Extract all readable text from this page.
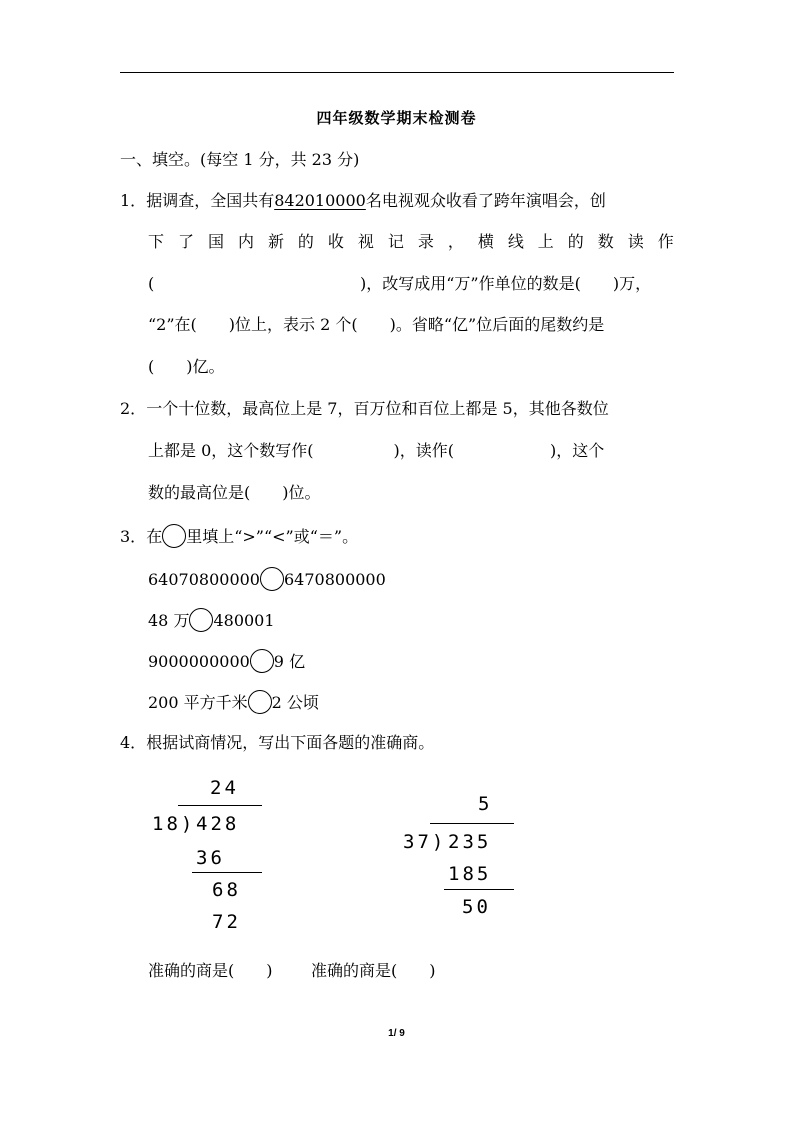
四年级数学期末检测卷
一、填空。(每空 1 分，共 23 分)
1．据调查，全国共有842010000名电视观众收看了跨年演唱会，创
下 了 国 内 新 的 收 视 记 录 ， 横 线 上 的 数 读 作
(	)，改写成用“万”作单位的数是(　　)万，
“2”在(　　)位上，表示 2 个(　　)。省略“亿”位后面的尾数约是
(　　)亿。
2．一个十位数，最高位上是 7，百万位和百位上都是 5，其他各数位
上都是 0，这个数写作(　　　　　)，读作(　　　　　　)，这个
数的最高位是(　　)位。
3．在 里填上“>”“<”或“＝”。
64070800000 6470800000
48 万 480001
9000000000 9 亿
200 平方千米 2 公顷
4．根据试商情况，写出下面各题的准确商。
24
18) 428
36
68
72
5
37) 235
185
50
准确的商是(　　) 准确的商是(　　)
1/ 9
